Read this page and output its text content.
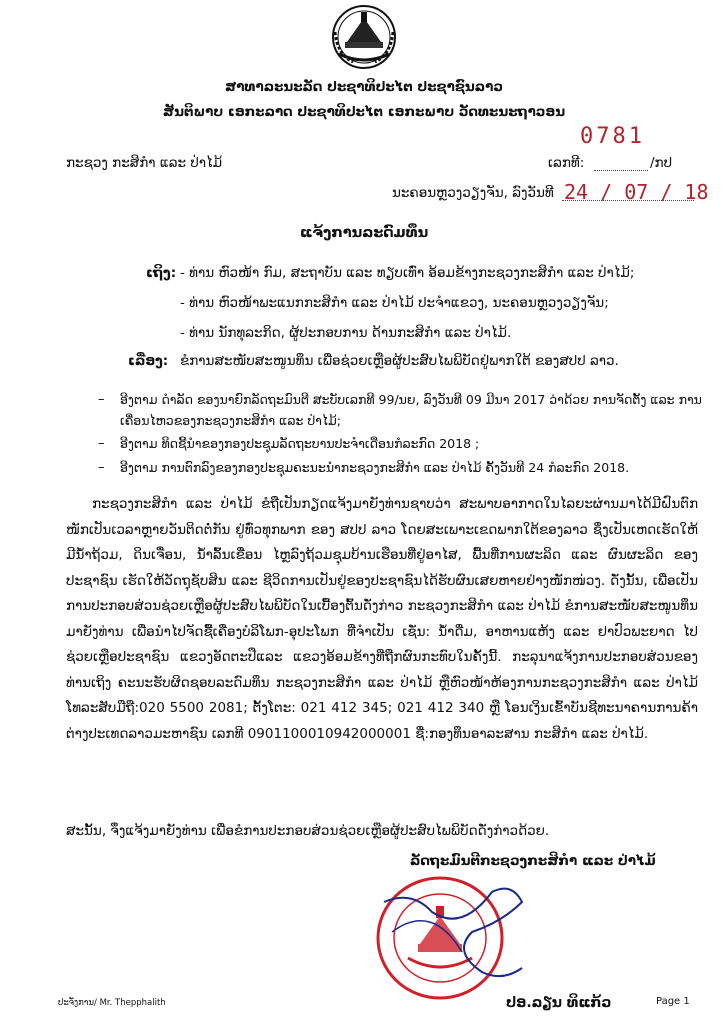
ສາທາລະນະລັດ ປະຊາທິປະໄຕ ປະຊາຊົນລາວ
ສັນຕິພາບ ເອກະລາດ ປະຊາທິປະໄຕ ເອກະພາບ ວັດທະນະຖາວອນ
0781
ກະຊວງ ກະສິກຳ ແລະ ປ່າໄມ້	ເລກທີ:	/ກປ
ນະຄອນຫຼວງວຽງຈັນ, ລົງວັນທີ 24 / 07 / 18
ແຈ້ງການລະດົມທຶນ
ເຖິງ: - ທ່ານ ຫົວໜ້າ ກົມ, ສະຖາບັນ ແລະ ທຽບເທົ່າ ອ້ອມຂ້າງກະຊວງກະສິກຳ ແລະ ປ່າໄມ້;
- ທ່ານ ຫົວໜ້າພະແນກກະສິກຳ ແລະ ປ່າໄມ້ ປະຈຳແຂວງ, ນະຄອນຫຼວງວຽງຈັນ;
- ທ່ານ ນັກທຸລະກິດ, ຜູ້ປະກອບການ ດ້ານກະສິກຳ ແລະ ປ່າໄມ້.
ເລື່ອງ: ຂໍການສະໜັບສະໜູນທຶນ ເພື່ອຊ່ວຍເຫຼືອຜູ້ປະສົບໄພພິບັດຢູ່ພາກໃຕ້ ຂອງສປປ ລາວ.
– ອີງຕາມ ດຳລັດ ຂອງນາຍົກລັດຖະມົນຕີ ສະບັບເລກທີ 99/ນຍ, ລົງວັນທີ 09 ມີນາ 2017 ວ່າດ້ວຍ ການຈັດຕັ້ງ ແລະ ການເຄື່ອນໄຫວຂອງກະຊວງກະສິກຳ ແລະ ປ່າໄມ້;
– ອີງຕາມ ທິດຊີ້ນຳຂອງກອງປະຊຸມລັດຖະບານປະຈຳເດືອນກໍລະກົດ 2018 ;
– ອີງຕາມ ການຕົກລົງຂອງກອງປະຊຸມຄະນະນຳກະຊວງກະສິກຳ ແລະ ປ່າໄມ້ ຄັ້ງວັນທີ 24 ກໍລະກົດ 2018.
ກະຊວງກະສິກຳ ແລະ ປ່າໄມ້ ຂໍຖືເປັນກຽດແຈ້ງມາຍັງທ່ານຊາບວ່າ ສະພາບອາກາດໃນໄລຍະຜ່ານມາໄດ້ມີຝົນຕົກໜັກເປັນເວລາຫຼາຍວັນຕິດຕໍ່ກັນ ຢູ່ທົ່ວທຸກພາກ ຂອງ ສປປ ລາວ ໂດຍສະເພາະເຂດພາກໃຕ້ຂອງລາວ ຊຶ່ງເປັນເຫດເຮັດໃຫ້ມີນ້ຳຖ້ວມ, ດິນເຈື່ອນ, ນ້ຳລົ້ນເຂື່ອນ ໄຫຼລົງຖ້ວມຊຸມບ້ານເຮືອນທີ່ຢູ່ອາໄສ, ພື້ນທີ່ການຜະລິດ ແລະ ຜົນຜະລິດ ຂອງປະຊາຊົນ ເຮັດໃຫ້ວັດຖຸຊັບສິນ ແລະ ຊີວິດການເປັນຢູ່ຂອງປະຊາຊົນໄດ້ຮັບຜົນເສຍຫາຍຢ່າງໜັກໜ່ວງ. ດັ່ງນັ້ນ, ເພື່ອເປັນການປະກອບສ່ວນຊ່ວຍເຫຼືອຜູ້ປະສົບໄພພິບັດໃນເບື້ອງຕົ້ນດັ່ງກ່າວ ກະຊວງກະສິກຳ ແລະ ປ່າໄມ້ ຂໍການສະໜັບສະໜູນທຶນມາຍັງທ່ານ ເພື່ອນຳໄປຈັດຊື້ເຄື່ອງບໍລິໂພກ-ອຸປະໂພກ ທີ່ຈຳເປັນ ເຊັ່ນ: ນ້ຳດື່ມ, ອາຫານແຫ້ງ ແລະ ຢາປົວພະຍາດ ໄປຊ່ວຍເຫຼືອປະຊາຊົນ ແຂວງອັດຕະປືແລະ ແຂວງອ້ອມຂ້າງທີ່ຖືກຜົນກະທົບໃນຄັ້ງນີ້. ກະລຸນາແຈ້ງການປະກອບສ່ວນຂອງທ່ານເຖິງ ຄະນະຮັບຜິດຊອບລະດົມທຶນ ກະຊວງກະສິກຳ ແລະ ປ່າໄມ້ ຫຼືຫົວໜ້າຫ້ອງການກະຊວງກະສິກຳ ແລະ ປ່າໄມ້ ໂທລະສັບມືຖື:020 5500 2081; ຕັ້ງໂຕະ: 021 412 345; 021 412 340 ຫຼື ໂອນເງິນເຂົ້າບັນຊີທະນາຄານການຄ້າຕ່າງປະເທດລາວມະຫາຊົນ ເລກທີ 0901100010942000001 ຊື່:ກອງທຶນອາລະສານ ກະສິກຳ ແລະ ປ່າໄມ້.
ສະນັ້ນ, ຈຶ່ງແຈ້ງມາຍັງທ່ານ ເພື່ອຂໍການປະກອບສ່ວນຊ່ວຍເຫຼືອຜູ້ປະສົບໄພພິບັດດັ່ງກ່າວດ້ວຍ.
ລັດຖະມົນຕີກະຊວງກະສິກຳ ແລະ ປ່າໄມ້
ປອ.ລຽນ ທິແກ້ວ
ປະຈັ່ງການ/ Mr. Thepphalith	Page 1
